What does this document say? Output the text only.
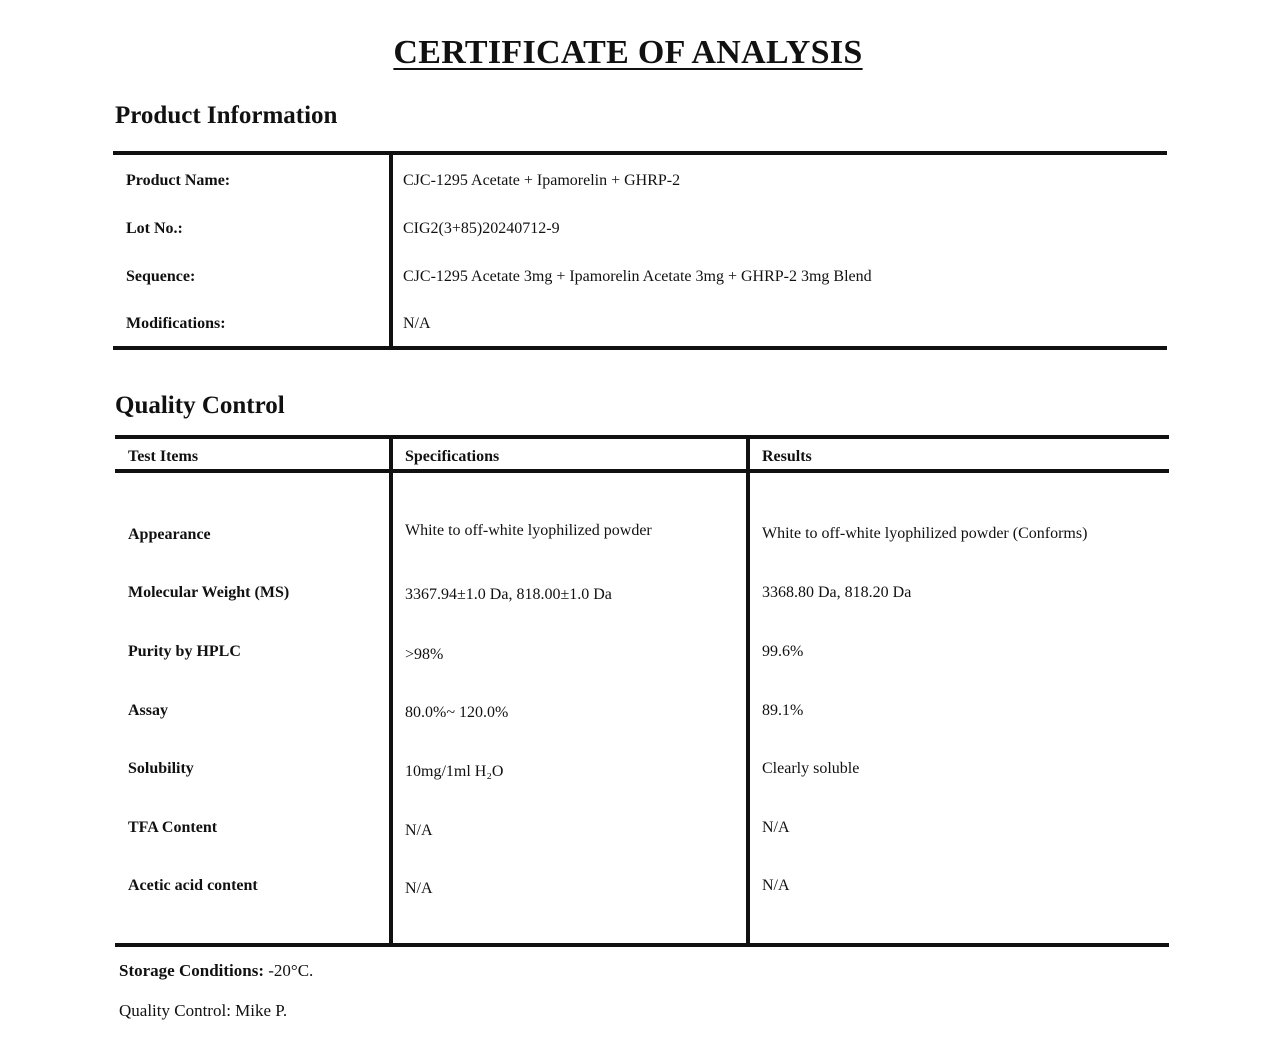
CERTIFICATE OF ANALYSIS
Product Information
Product Name:	CJC-1295 Acetate + Ipamorelin + GHRP-2
Lot No.:	CIG2(3+85)20240712-9
Sequence:	CJC-1295 Acetate 3mg + Ipamorelin Acetate 3mg + GHRP-2 3mg Blend
Modifications:	N/A
Quality Control
Test Items	Specifications	Results
Appearance	White to off-white lyophilized powder	White to off-white lyophilized powder (Conforms)
Molecular Weight (MS)	3367.94±1.0 Da, 818.00±1.0 Da	3368.80 Da, 818.20 Da
Purity by HPLC	>98%	99.6%
Assay	80.0%~ 120.0%	89.1%
Solubility	10mg/1ml H₂O	Clearly soluble
TFA Content	N/A	N/A
Acetic acid content	N/A	N/A
Storage Conditions: -20°C.
Quality Control: Mike P.
